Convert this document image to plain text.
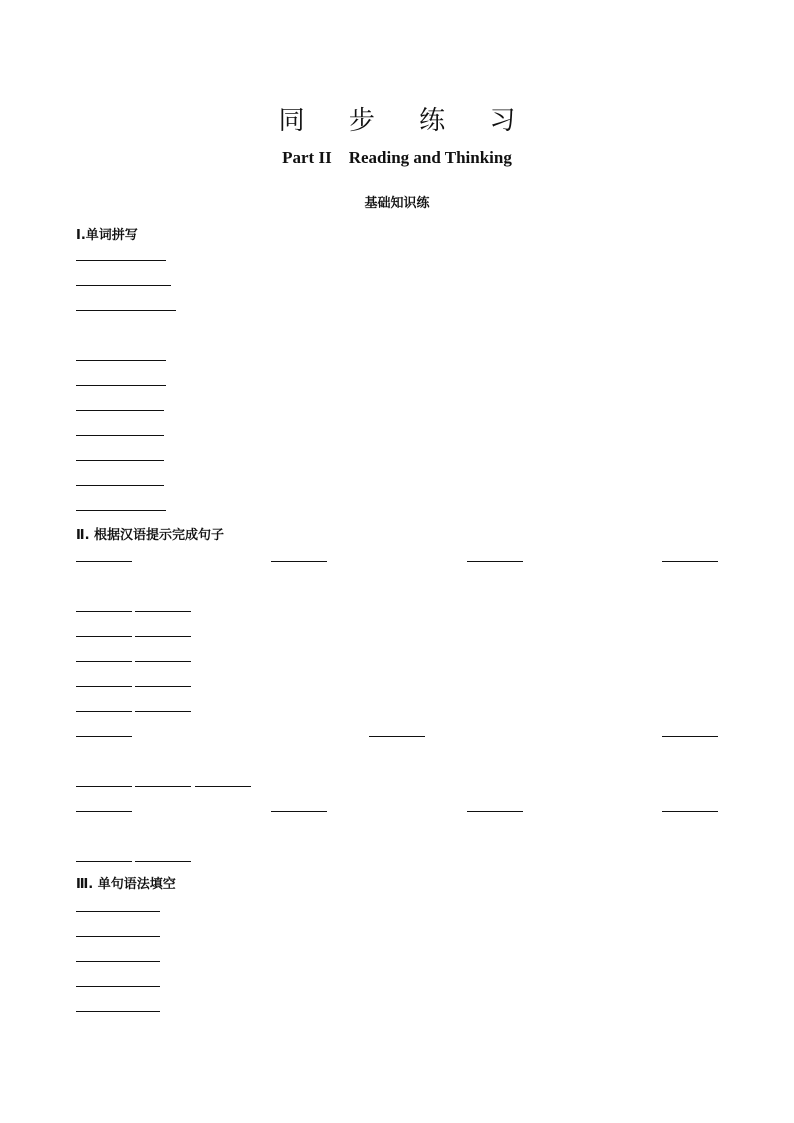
同 步 练 习
Part II    Reading and Thinking
基础知识练
Ⅰ.单词拼写
Ⅱ. 根据汉语提示完成句子

Ⅲ. 单句语法填空
